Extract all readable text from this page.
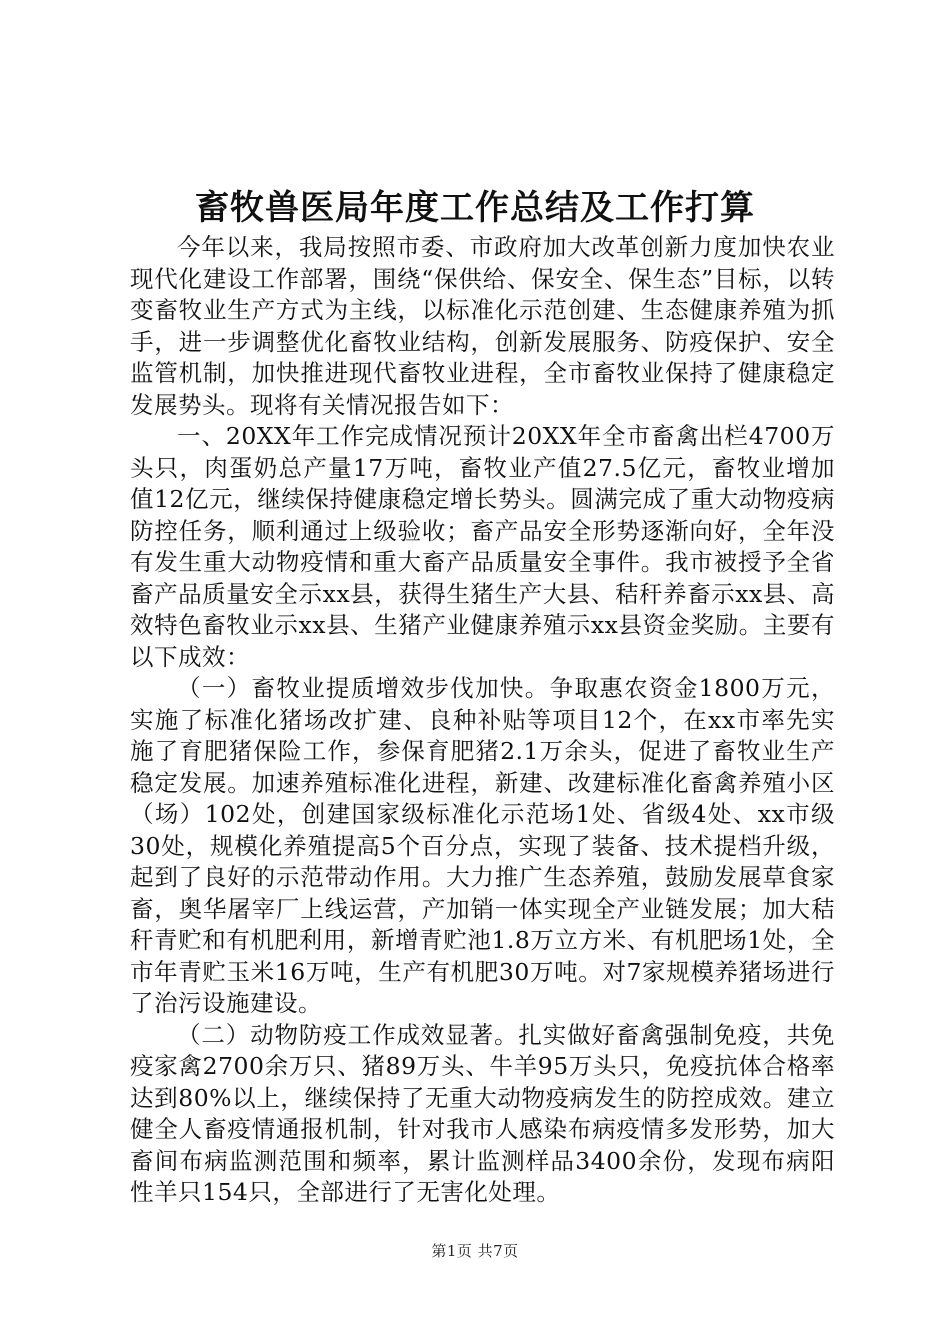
畜牧兽医局年度工作总结及工作打算

今年以来，我局按照市委、市政府加大改革创新力度加快农业现代化建设工作部署，围绕“保供给、保安全、保生态”目标，以转变畜牧业生产方式为主线，以标准化示范创建、生态健康养殖为抓手，进一步调整优化畜牧业结构，创新发展服务、防疫保护、安全监管机制，加快推进现代畜牧业进程，全市畜牧业保持了健康稳定发展势头。现将有关情况报告如下：

一、20XX年工作完成情况预计20XX年全市畜禽出栏4700万头只，肉蛋奶总产量17万吨，畜牧业产值27.5亿元，畜牧业增加值12亿元，继续保持健康稳定增长势头。圆满完成了重大动物疫病防控任务，顺利通过上级验收；畜产品安全形势逐渐向好，全年没有发生重大动物疫情和重大畜产品质量安全事件。我市被授予全省畜产品质量安全示xx县，获得生猪生产大县、秸秆养畜示xx县、高效特色畜牧业示xx县、生猪产业健康养殖示xx县资金奖励。主要有以下成效：

（一）畜牧业提质增效步伐加快。争取惠农资金1800万元，实施了标准化猪场改扩建、良种补贴等项目12个，在xx市率先实施了育肥猪保险工作，参保育肥猪2.1万余头，促进了畜牧业生产稳定发展。加速养殖标准化进程，新建、改建标准化畜禽养殖小区（场）102处，创建国家级标准化示范场1处、省级4处、xx市级30处，规模化养殖提高5个百分点，实现了装备、技术提档升级，起到了良好的示范带动作用。大力推广生态养殖，鼓励发展草食家畜，奥华屠宰厂上线运营，产加销一体实现全产业链发展；加大秸秆青贮和有机肥利用，新增青贮池1.8万立方米、有机肥场1处，全市年青贮玉米16万吨，生产有机肥30万吨。对7家规模养猪场进行了治污设施建设。

（二）动物防疫工作成效显著。扎实做好畜禽强制免疫，共免疫家禽2700余万只、猪89万头、牛羊95万头只，免疫抗体合格率达到80%以上，继续保持了无重大动物疫病发生的防控成效。建立健全人畜疫情通报机制，针对我市人感染布病疫情多发形势，加大畜间布病监测范围和频率，累计监测样品3400余份，发现布病阳性羊只154只，全部进行了无害化处理。

第1页 共7页
